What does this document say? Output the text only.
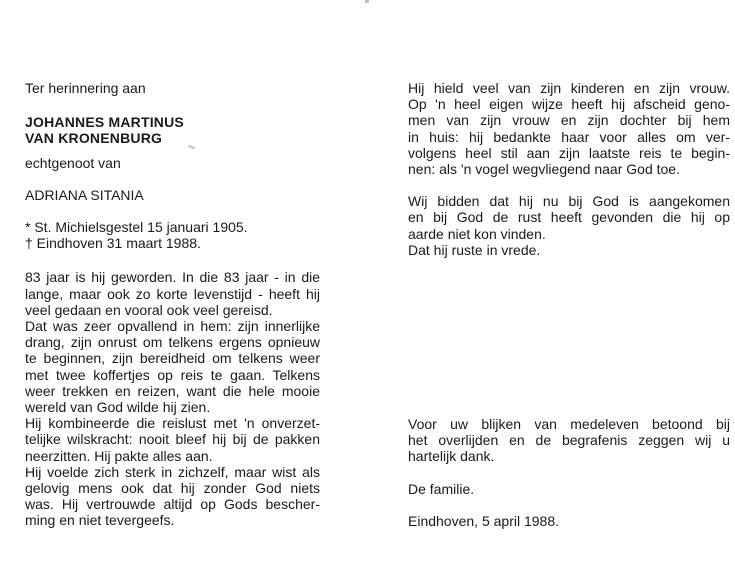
Ter herinnering aan
JOHANNES MARTINUS
VAN KRONENBURG
echtgenoot van
ADRIANA SITANIA
* St. Michielsgestel 15 januari 1905.
† Eindhoven 31 maart 1988.
83 jaar is hij geworden. In die 83 jaar - in die
lange, maar ook zo korte levenstijd - heeft hij
veel gedaan en vooral ook veel gereisd.
Dat was zeer opvallend in hem: zijn innerlijke
drang, zijn onrust om telkens ergens opnieuw
te beginnen, zijn bereidheid om telkens weer
met twee koffertjes op reis te gaan. Telkens
weer trekken en reizen, want die hele mooie
wereld van God wilde hij zien.
Hij kombineerde die reislust met 'n onverzet-
telijke wilskracht: nooit bleef hij bij de pakken
neerzitten. Hij pakte alles aan.
Hij voelde zich sterk in zichzelf, maar wist als
gelovig mens ook dat hij zonder God niets
was. Hij vertrouwde altijd op Gods bescher-
ming en niet tevergeefs.
Hij hield veel van zijn kinderen en zijn vrouw.
Op 'n heel eigen wijze heeft hij afscheid geno-
men van zijn vrouw en zijn dochter bij hem
in huis: hij bedankte haar voor alles om ver-
volgens heel stil aan zijn laatste reis te begin-
nen: als 'n vogel wegvliegend naar God toe.
Wij bidden dat hij nu bij God is aangekomen
en bij God de rust heeft gevonden die hij op
aarde niet kon vinden.
Dat hij ruste in vrede.
Voor uw blijken van medeleven betoond bij
het overlijden en de begrafenis zeggen wij u
hartelijk dank.
De familie.
Eindhoven, 5 april 1988.
